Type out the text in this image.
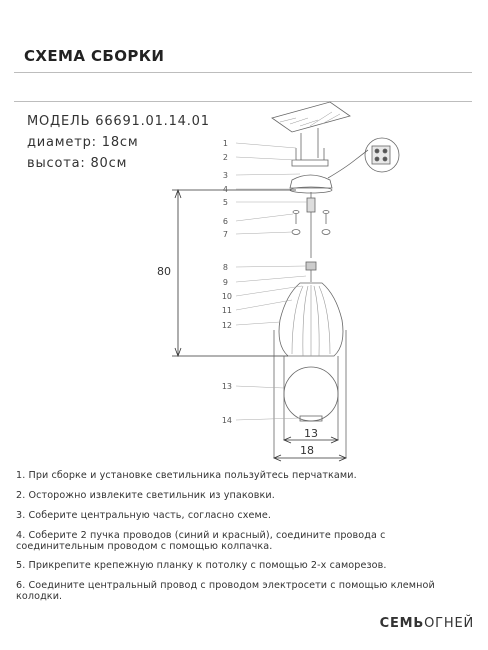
СХЕМА СБОРКИ
МОДЕЛЬ 66691.01.14.01
диаметр: 18см
высота: 80см
1
2
3
4
5
6
7
8
9
10
11
12
13
14
80
13
18
1. При сборке и установке светильника пользуйтесь перчатками.
2. Осторожно извлеките светильник из упаковки.
3. Соберите центральную часть, согласно схеме.
4. Соберите 2 пучка проводов (синий и красный), соедините провода с соединительным проводом с помощью колпачка.
5. Прикрепите крепежную планку к потолку с помощью 2-х саморезов.
6. Соедините центральный провод с проводом электросети с помощью клемной колодки.
СЕМЬОГНЕЙ
